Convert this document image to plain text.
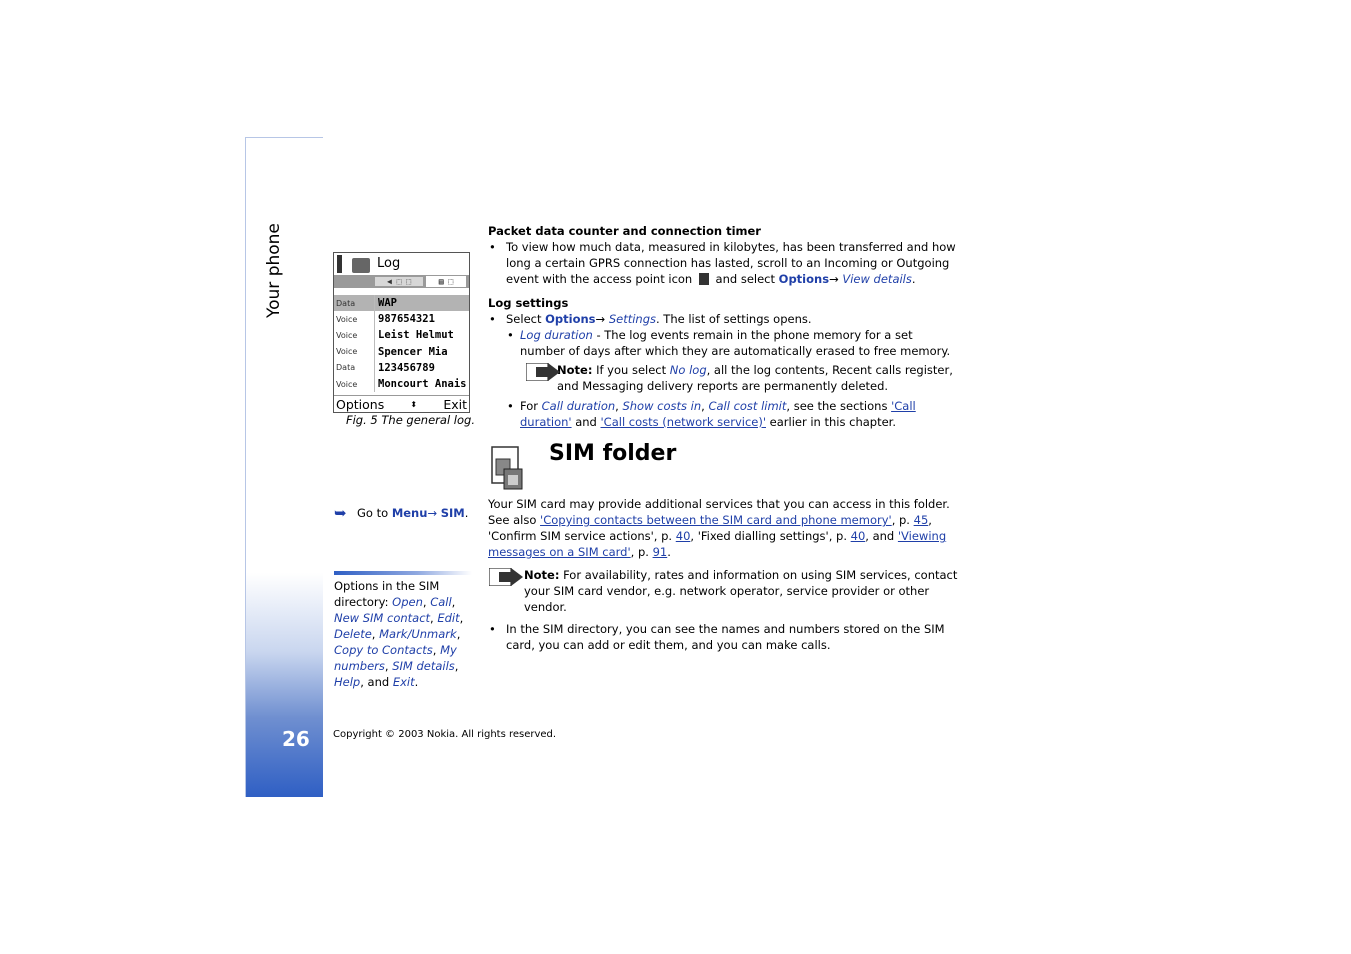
Your phone
26
Log
◀ ⬚ ⬚	▤ ⬚
Data	WAP
Voice	987654321
Voice	Leist Helmut
Voice	Spencer Mia
Data	123456789
Voice	Moncourt Anais
Options	⬍ Exit
Fig. 5 The general log.
➥ Go to
Menu →
SIM .
Options in the SIM directory: Open, Call, New SIM contact, Edit, Delete, Mark/Unmark, Copy to Contacts, My numbers, SIM details, Help, and Exit.
Copyright © 2003 Nokia. All rights reserved.

Packet data counter and connection timer

• To view how much data, measured in kilobytes, has been transferred and how long a certain GPRS connection has lasted, scroll to an Incoming or Outgoing event with the access point icon and select Options→ View details.

Log settings

• Select Options→ Settings. The list of settings opens.
• Log duration - The log events remain in the phone memory for a set number of days after which they are automatically erased to free memory.
Note: If you select No log, all the log contents, Recent calls register, and Messaging delivery reports are permanently deleted.
• For Call duration, Show costs in, Call cost limit, see the sections 'Call duration' and 'Call costs (network service)' earlier in this chapter.
SIM folder
Your SIM card may provide additional services that you can access in this folder. See also 'Copying contacts between the SIM card and phone memory', p. 45, 'Confirm SIM service actions', p. 40, 'Fixed dialling settings', p. 40, and 'Viewing messages on a SIM card', p. 91.
Note: For availability, rates and information on using SIM services, contact your SIM card vendor, e.g. network operator, service provider or other vendor.
• In the SIM directory, you can see the names and numbers stored on the SIM card, you can add or edit them, and you can make calls.
